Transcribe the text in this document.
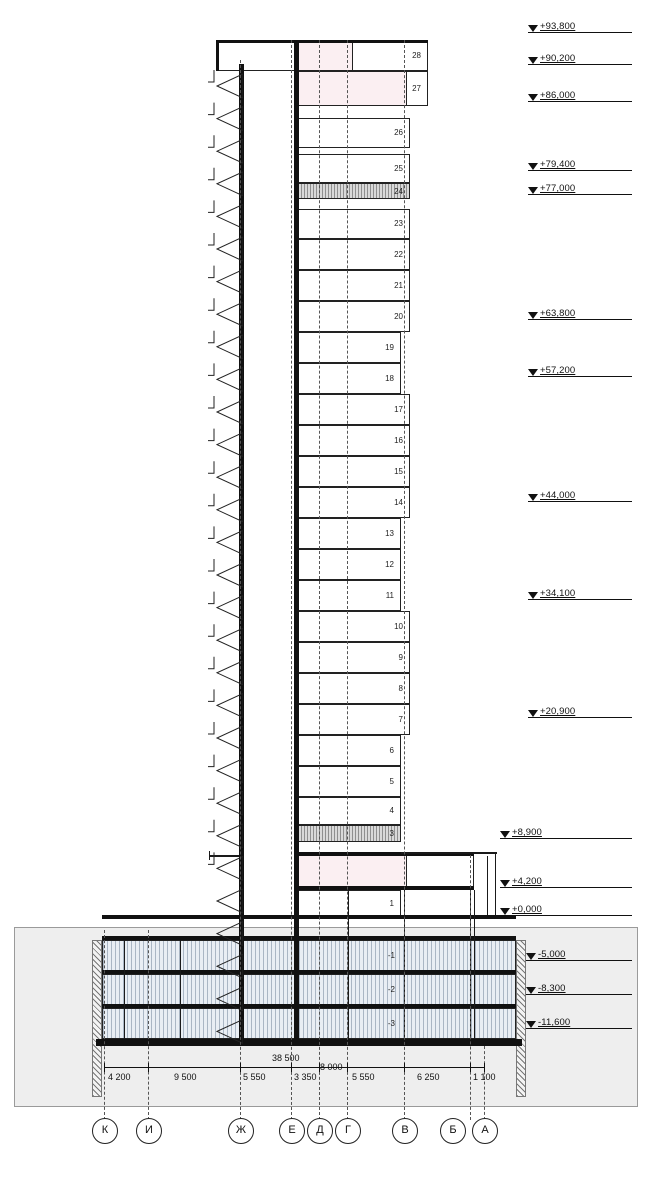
28
27
26
25
24
23
22
21
20
19
18
17
16
15
14
13
12
11
10
9
8
7
6
5
4
3
1
-1
-2
-3
+93,800
+90,200
+86,000
+79,400
+77,000
+63,800
+57,200
+44,000
+34,100
+20,900
+8,900
+4,200
+0,000
-5,000
-8,300
-11,600
38 500
8 000
4 200	9 500	5 550	3 350	5 550	6 250	1 100
К	И	Ж	Е	Д	Г	В	Б	А
